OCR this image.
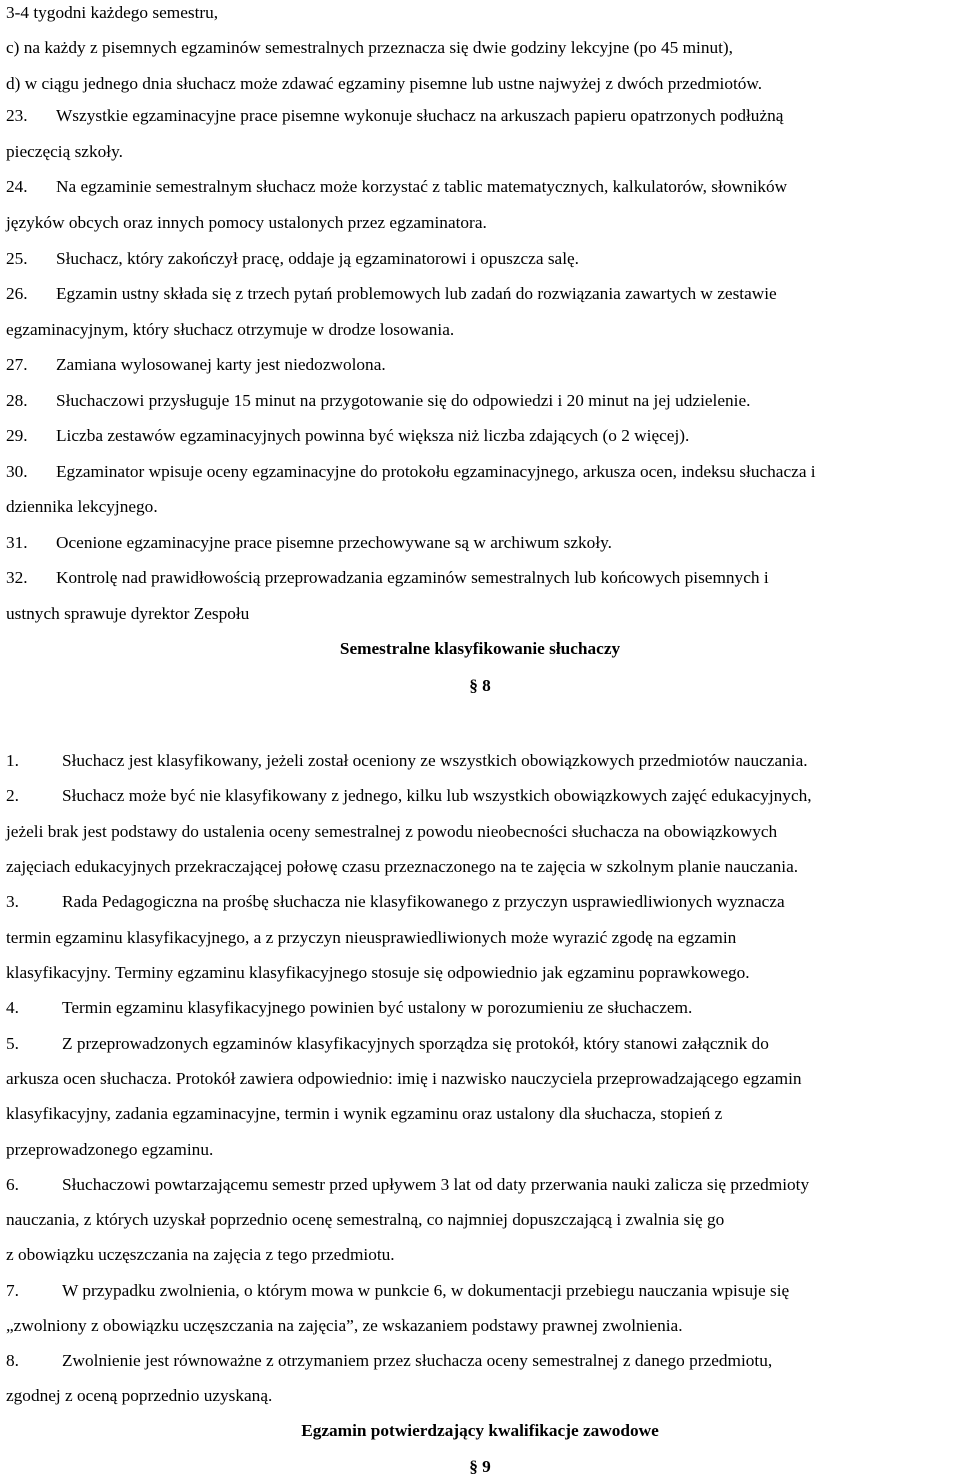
3-4 tygodni każdego semestru,
c) na każdy z pisemnych egzaminów semestralnych przeznacza się dwie godziny lekcyjne (po 45 minut),
d) w ciągu jednego dnia słuchacz może zdawać egzaminy pisemne lub ustne najwyżej z dwóch przedmiotów.
23. Wszystkie egzaminacyjne prace pisemne wykonuje słuchacz na arkuszach papieru opatrzonych podłużną
pieczęcią szkoły.
24. Na egzaminie semestralnym słuchacz może korzystać z tablic matematycznych, kalkulatorów, słowników
języków obcych oraz innych pomocy ustalonych przez egzaminatora.
25. Słuchacz, który zakończył pracę, oddaje ją egzaminatorowi i opuszcza salę.
26. Egzamin ustny składa się z trzech pytań problemowych lub zadań do rozwiązania zawartych w zestawie
egzaminacyjnym, który słuchacz otrzymuje w drodze losowania.
27. Zamiana wylosowanej karty jest niedozwolona.
28. Słuchaczowi przysługuje 15 minut na przygotowanie się do odpowiedzi i 20 minut na jej udzielenie.
29. Liczba zestawów egzaminacyjnych powinna być większa niż liczba zdających (o 2 więcej).
30. Egzaminator wpisuje oceny egzaminacyjne do protokołu egzaminacyjnego, arkusza ocen, indeksu słuchacza i
dziennika lekcyjnego.
31. Ocenione egzaminacyjne prace pisemne przechowywane są w archiwum szkoły.
32. Kontrolę nad prawidłowością przeprowadzania egzaminów semestralnych lub końcowych pisemnych i
ustnych sprawuje dyrektor Zespołu
Semestralne klasyfikowanie słuchaczy
§ 8
1. Słuchacz jest klasyfikowany, jeżeli został oceniony ze wszystkich obowiązkowych przedmiotów nauczania.
2. Słuchacz może być nie klasyfikowany z jednego, kilku lub wszystkich obowiązkowych zajęć edukacyjnych,
jeżeli brak jest podstawy do ustalenia oceny semestralnej z powodu nieobecności słuchacza na obowiązkowych
zajęciach edukacyjnych przekraczającej połowę czasu przeznaczonego na te zajęcia w szkolnym planie nauczania.
3. Rada Pedagogiczna na prośbę słuchacza nie klasyfikowanego z przyczyn usprawiedliwionych wyznacza
termin egzaminu klasyfikacyjnego, a z przyczyn nieusprawiedliwionych może wyrazić zgodę na egzamin
klasyfikacyjny. Terminy egzaminu klasyfikacyjnego stosuje się odpowiednio jak egzaminu poprawkowego.
4. Termin egzaminu klasyfikacyjnego powinien być ustalony w porozumieniu ze słuchaczem.
5. Z przeprowadzonych egzaminów klasyfikacyjnych sporządza się protokół, który stanowi załącznik do
arkusza ocen słuchacza. Protokół zawiera odpowiednio: imię i nazwisko nauczyciela przeprowadzającego egzamin
klasyfikacyjny, zadania egzaminacyjne, termin i wynik egzaminu oraz ustalony dla słuchacza, stopień z
przeprowadzonego egzaminu.
6. Słuchaczowi powtarzającemu semestr przed upływem 3 lat od daty przerwania nauki zalicza się przedmioty
nauczania, z których uzyskał poprzednio ocenę semestralną, co najmniej dopuszczającą i zwalnia się go
z obowiązku uczęszczania na zajęcia z tego przedmiotu.
7. W przypadku zwolnienia, o którym mowa w punkcie 6, w dokumentacji przebiegu nauczania wpisuje się
„zwolniony z obowiązku uczęszczania na zajęcia”, ze wskazaniem podstawy prawnej zwolnienia.
8. Zwolnienie jest równoważne z otrzymaniem przez słuchacza oceny semestralnej z danego przedmiotu,
zgodnej z oceną poprzednio uzyskaną.
Egzamin potwierdzający kwalifikacje zawodowe
§ 9
